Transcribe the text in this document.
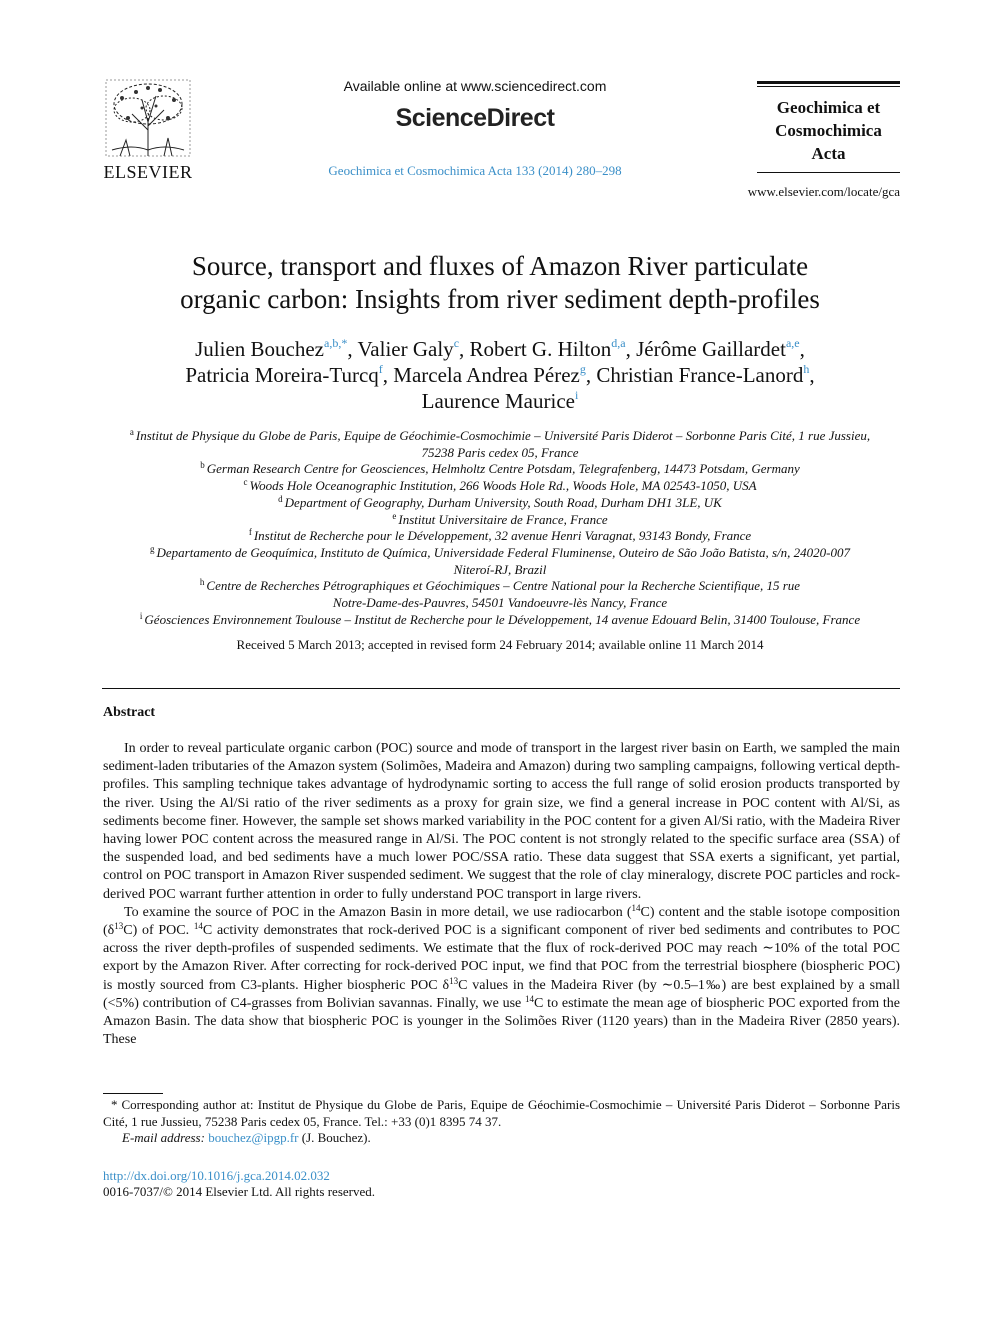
ELSEVIER
Available online at www.sciencedirect.com
ScienceDirect
Geochimica et Cosmochimica Acta 133 (2014) 280–298
Geochimica et
Cosmochimica
Acta
www.elsevier.com/locate/gca
Source, transport and fluxes of Amazon River particulate
organic carbon: Insights from river sediment depth-profiles
Julien Bouchez$^{a,b,*}$, Valier Galy$^c$, Robert G. Hilton$^{d,a}$, Jérôme Gaillardet$^{a,e}$,
Patricia Moreira-Turcq$^f$, Marcela Andrea Pérez$^g$, Christian France-Lanord$^h$,
Laurence Maurice$^i$
$^a$ Institut de Physique du Globe de Paris, Equipe de Géochimie-Cosmochimie – Université Paris Diderot – Sorbonne Paris Cité, 1 rue Jussieu,
75238 Paris cedex 05, France
$^b$ German Research Centre for Geosciences, Helmholtz Centre Potsdam, Telegrafenberg, 14473 Potsdam, Germany
$^c$ Woods Hole Oceanographic Institution, 266 Woods Hole Rd., Woods Hole, MA 02543-1050, USA
$^d$ Department of Geography, Durham University, South Road, Durham DH1 3LE, UK
$^e$ Institut Universitaire de France, France
$^f$ Institut de Recherche pour le Développement, 32 avenue Henri Varagnat, 93143 Bondy, France
$^g$ Departamento de Geoquímica, Instituto de Química, Universidade Federal Fluminense, Outeiro de São João Batista, s/n, 24020-007
Niteroí-RJ, Brazil
$^h$ Centre de Recherches Pétrographiques et Géochimiques – Centre National pour la Recherche Scientifique, 15 rue
Notre-Dame-des-Pauvres, 54501 Vandoeuvre-lès Nancy, France
$^i$ Géosciences Environnement Toulouse – Institut de Recherche pour le Développement, 14 avenue Edouard Belin, 31400 Toulouse, France
Received 5 March 2013; accepted in revised form 24 February 2014; available online 11 March 2014
Abstract

In order to reveal particulate organic carbon (POC) source and mode of transport in the largest river basin on Earth, we sampled the main sediment-laden tributaries of the Amazon system (Solimões, Madeira and Amazon) during two sampling campaigns, following vertical depth-profiles. This sampling technique takes advantage of hydrodynamic sorting to access the full range of solid erosion products transported by the river. Using the Al/Si ratio of the river sediments as a proxy for grain size, we find a general increase in POC content with Al/Si, as sediments become finer. However, the sample set shows marked variability in the POC content for a given Al/Si ratio, with the Madeira River having lower POC content across the measured range in Al/Si. The POC content is not strongly related to the specific surface area (SSA) of the suspended load, and bed sediments have a much lower POC/SSA ratio. These data suggest that SSA exerts a significant, yet partial, control on POC transport in Amazon River suspended sediment. We suggest that the role of clay mineralogy, discrete POC particles and rock-derived POC warrant further attention in order to fully understand POC transport in large rivers.

To examine the source of POC in the Amazon Basin in more detail, we use radiocarbon ($^{14}$C) content and the stable isotope composition $(\delta^{13}C)$ of POC. $^{14}$C activity demonstrates that rock-derived POC is a significant component of river bed sediments and contributes to POC across the river depth-profiles of suspended sediments. We estimate that the flux of rock-derived POC may reach ∼10% of the total POC export by the Amazon River. After correcting for rock-derived POC input, we find that POC from the terrestrial biosphere (biospheric POC) is mostly sourced from C3-plants. Higher biospheric POC $\delta^{13}C$ values in the Madeira River (by ∼0.5–1‰) are best explained by a small (<5%) contribution of C4-grasses from Bolivian savannas. Finally, we use $^{14}$C to estimate the mean age of biospheric POC exported from the Amazon Basin. The data show that biospheric POC is younger in the Solimões River (1120 years) than in the Madeira River (2850 years). These

* Corresponding author at: Institut de Physique du Globe de Paris, Equipe de Géochimie-Cosmochimie – Université Paris Diderot – Sorbonne Paris Cité, 1 rue Jussieu, 75238 Paris cedex 05, France. Tel.: +33 (0)1 8395 74 37.
E-mail address: bouchez@ipgp.fr (J. Bouchez).
http://dx.doi.org/10.1016/j.gca.2014.02.032
0016-7037/© 2014 Elsevier Ltd. All rights reserved.
